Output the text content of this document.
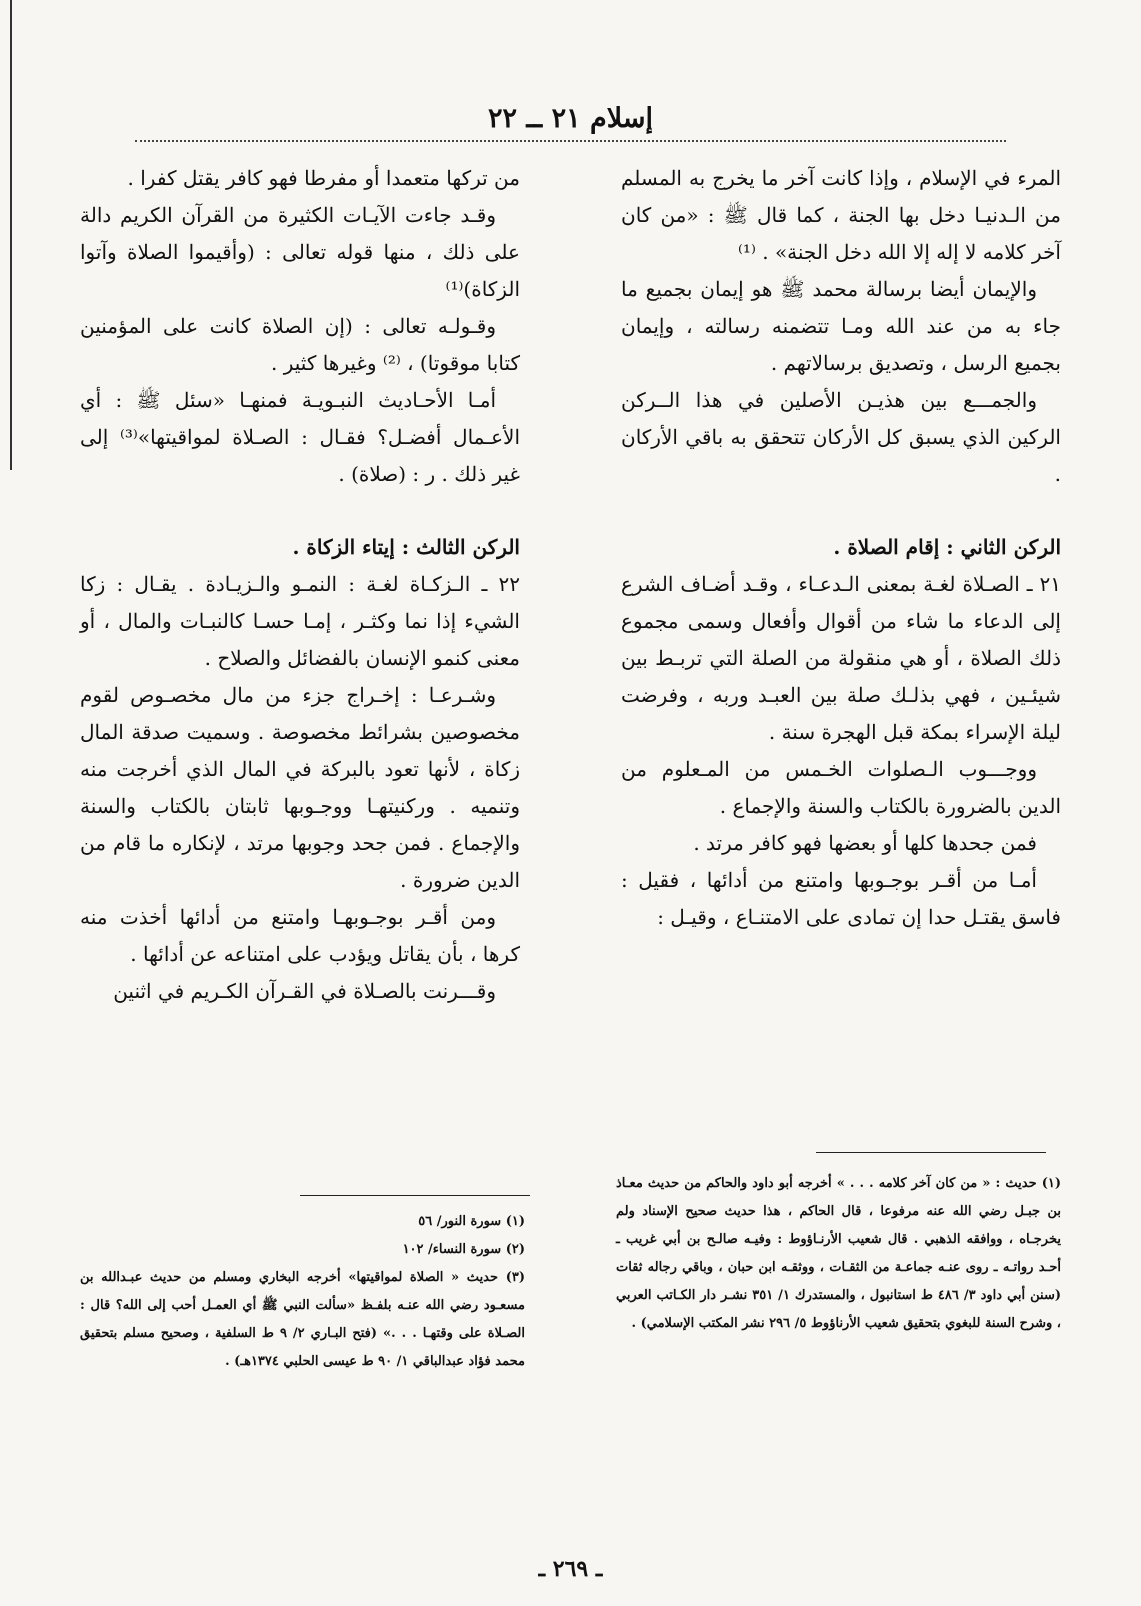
إسلام ٢١ ــ ٢٢

المرء في الإسلام ، وإذا كانت آخر ما يخرج به المسلم من الـدنيـا دخل بها الجنة ، كما قال ﷺ : «من كان آخر كلامه لا إله إلا الله دخل الجنة» . ⁽¹⁾

والإيمان أيضا برسالة محمد ﷺ هو إيمان بجميع ما جاء به من عند الله ومـا تتضمنه رسالته ، وإيمان بجميع الرسل ، وتصديق برسالاتهم .

والجمـــع بين هذيـن الأصلين في هذا الــركن الركين الذي يسبق كل الأركان تتحقق به باقي الأركان .

الركن الثاني : إقام الصلاة .

٢١ ـ الصـلاة لغـة بمعنى الـدعـاء ، وقـد أضـاف الشرع إلى الدعاء ما شاء من أقوال وأفعال وسمى مجموع ذلك الصلاة ، أو هي منقولة من الصلة التي تربـط بين شيئـين ، فهي بذلـك صلة بين العبـد وربه ، وفرضت ليلة الإسراء بمكة قبل الهجرة سنة .

ووجـــوب الـصلوات الخـمس من المـعلوم من الدين بالضرورة بالكتاب والسنة والإجماع .

فمن جحدها كلها أو بعضها فهو كافر مرتد .

أمـا من أقـر بوجـوبها وامتنع من أدائها ، فقيل : فاسق يقتـل حدا إن تمادى على الامتنـاع ، وقيـل :

من تركها متعمدا أو مفرطا فهو كافر يقتل كفرا .

وقـد جاءت الآيـات الكثيرة من القرآن الكريم دالة على ذلك ، منها قوله تعالى : (وأقيموا الصلاة وآتوا الزكاة)⁽¹⁾

وقـولـه تعالى : (إن الصلاة كانت على المؤمنين كتابا موقوتا) ، ⁽²⁾ وغيرها كثير .

أمـا الأحـاديث النبـويـة فمنهـا «سئل ﷺ : أي الأعـمال أفضـل؟ فقـال : الصـلاة لمواقيتها»⁽³⁾ إلى غير ذلك . ر : (صلاة) .

الركن الثالث : إيتاء الزكاة .

٢٢ ـ الـزكـاة لغـة : النمـو والـزيـادة . يقـال : زكا الشيء إذا نما وكثـر ، إمـا حسـا كالنبـات والمال ، أو معنى كنمو الإنسان بالفضائل والصلاح .

وشـرعـا : إخـراج جزء من مال مخصـوص لقوم مخصوصين بشرائط مخصوصة . وسميت صدقة المال زكاة ، لأنها تعود بالبركة في المال الذي أخرجت منه وتنميه . وركنيتهـا ووجـوبها ثابتان بالكتاب والسنة والإجماع . فمن جحد وجوبها مرتد ، لإنكاره ما قام من الدين ضرورة .

ومن أقـر بوجـوبهـا وامتنع من أدائها أخذت منه كرها ، بأن يقاتل ويؤدب على امتناعه عن أدائها .

وقـــرنت بالصـلاة في القـرآن الكـريم في اثنين

(١) حديث : « من كان آخر كلامه . . . » أخرجه أبو داود والحاكم من حديث معـاذ بن جبـل رضي الله عنه مرفوعا ، قال الحاكم ، هذا حديث صحيح الإسناد ولم يخرجـاه ، ووافقه الذهبي . قال شعيب الأرنـاؤوط : وفيـه صالـح بن أبي غريب ـ أحـد رواتـه ـ روى عنـه جماعـة من الثقـات ، ووثقـه ابن حبان ، وباقي رجاله ثقات (سنن أبي داود ٣/ ٤٨٦ ط استانبول ، والمستدرك ١/ ٣٥١ نشـر دار الكـاتب العربي ، وشرح السنة للبغوي بتحقيق شعيب الأرناؤوط ٥/ ٢٩٦ نشر المكتب الإسلامي) .

(١) سورة النور/ ٥٦

(٢) سورة النساء/ ١٠٢

(٣) حديث « الصلاة لمواقيتها» أخرجه البخاري ومسلم من حديث عبـدالله بن مسعـود رضي الله عنـه بلفـظ «سألت النبي ﷺ أي العمـل أحب إلى الله؟ قال : الصـلاة على وقتهـا . . .» (فتح البـاري ٢/ ٩ ط السلفية ، وصحيح مسلم بتحقيق محمد فؤاد عبدالباقي ١/ ٩٠ ط عيسى الحلبي ١٣٧٤هـ) .

ـ ٢٦٩ ـ
